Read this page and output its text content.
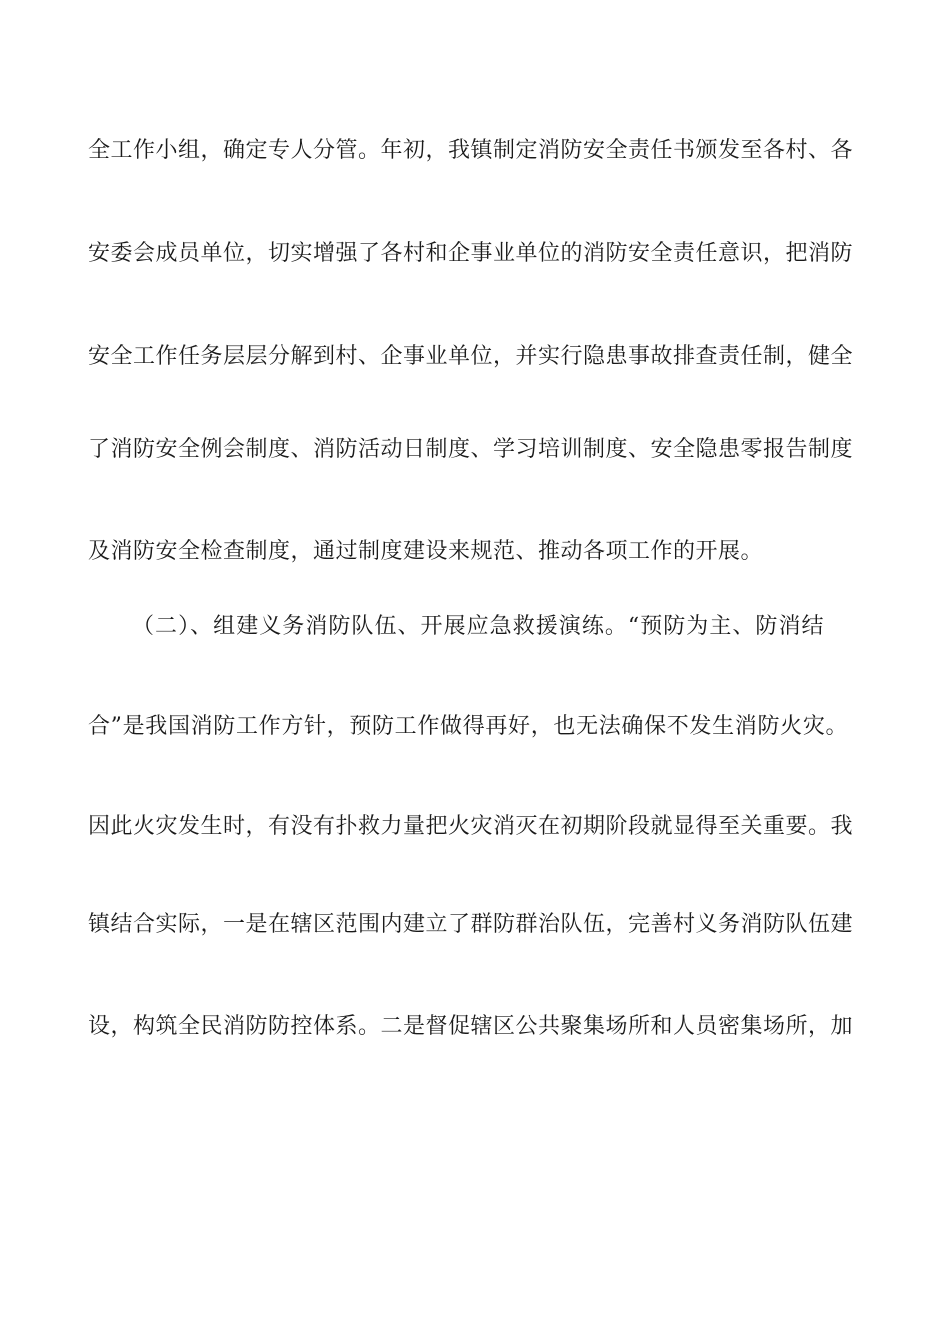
全工作小组，确定专人分管。年初，我镇制定消防安全责任书颁发至各村、各
安委会成员单位，切实增强了各村和企事业单位的消防安全责任意识，把消防
安全工作任务层层分解到村、企事业单位，并实行隐患事故排查责任制，健全
了消防安全例会制度、消防活动日制度、学习培训制度、安全隐患零报告制度
及消防安全检查制度，通过制度建设来规范、推动各项工作的开展。
（二）、组建义务消防队伍、开展应急救援演练。“预防为主、防消结
合”是我国消防工作方针，预防工作做得再好，也无法确保不发生消防火灾。
因此火灾发生时，有没有扑救力量把火灾消灭在初期阶段就显得至关重要。我
镇结合实际，一是在辖区范围内建立了群防群治队伍，完善村义务消防队伍建
设，构筑全民消防防控体系。二是督促辖区公共聚集场所和人员密集场所，加
